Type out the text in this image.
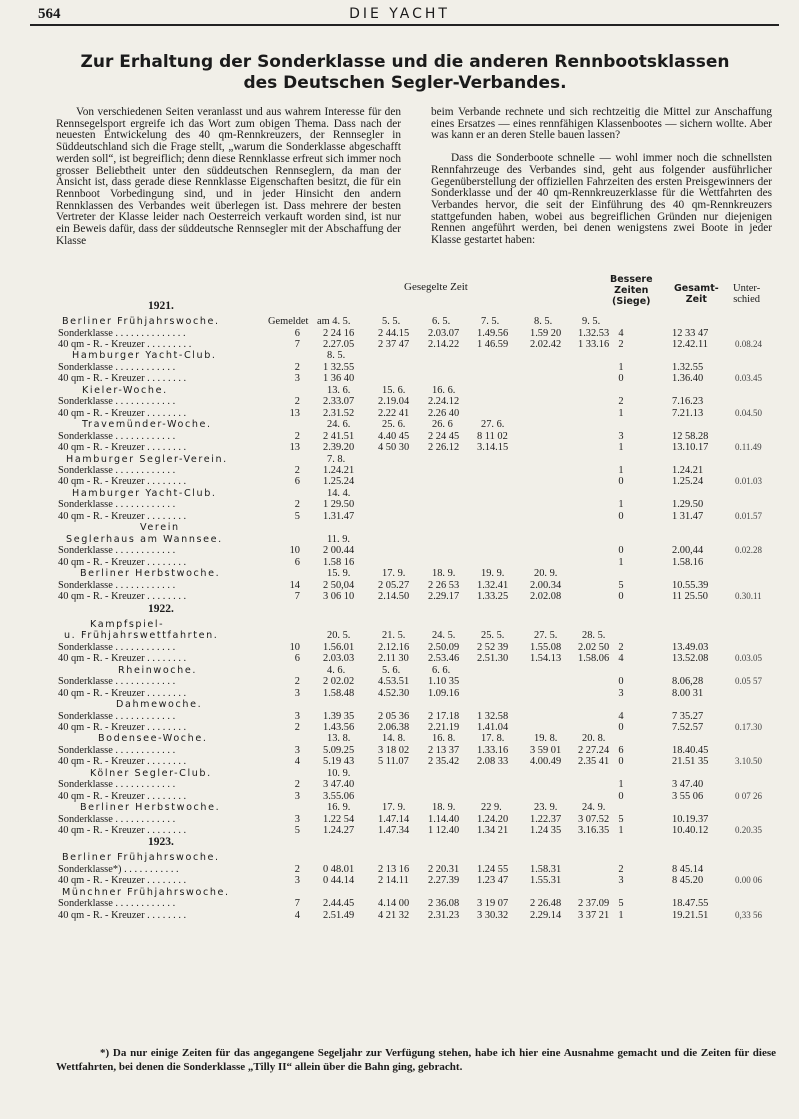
564	DIE YACHT
Zur Erhaltung der Sonderklasse und die anderen Rennbootsklassen
des Deutschen Segler-Verbandes.

Von verschiedenen Seiten veranlasst und aus wahrem Interesse für den Rennsegelsport ergreife ich das Wort zum obigen Thema. Dass nach der neuesten Entwickelung des 40 qm-Rennkreuzers, der Rennsegler in Süddeutschland sich die Frage stellt, „warum die Sonderklasse abgeschafft werden soll“, ist begreiflich; denn diese Rennklasse erfreut sich immer noch grosser Beliebtheit unter den süddeutschen Rennseglern, da man der Ansicht ist, dass gerade diese Rennklasse Eigenschaften besitzt, die für ein Rennboot Vorbedingung sind, und in jeder Hinsicht den andern Rennklassen des Verbandes weit überlegen ist. Dass mehrere der besten Vertreter der Klasse leider nach Oesterreich verkauft worden sind, ist nur ein Beweis dafür, dass der süddeutsche Rennsegler mit der Abschaffung der Klasse

beim Verbande rechnete und sich rechtzeitig die Mittel zur Anschaffung eines Ersatzes — eines rennfähigen Klassenbootes — sichern wollte. Aber was kann er an deren Stelle bauen lassen?

Dass die Sonderboote schnelle — wohl immer noch die schnellsten Rennfahrzeuge des Verbandes sind, geht aus folgender ausführlicher Gegenüberstellung der offiziellen Fahrzeiten des ersten Preisgewinners der Sonderklasse und der 40 qm-Rennkreuzerklasse für die Wettfahrten des Verbandes hervor, die seit der Einführung des 40 qm-Rennkreuzers stattgefunden haben, wobei aus begreiflichen Gründen nur diejenigen Rennen angeführt werden, bei denen wenigstens zwei Boote in jeder Klasse gestartet haben:

Gesegelte Zeit
Bessere
Zeiten
(Siege)
Gesamt-
Zeit
Unter-
schied
1921.
Berliner Frühjahrswoche.	Gemeldet am 4. 5.	5. 5.	6. 5.	7. 5.	8. 5.	9. 5.
Sonderklasse . . . . . . . . . . . . . .	6 2 24 16 2 44.15 2.03.07 1.49.56 1.59 20 1.32.53 4	12 33 47
40 qm - R. - Kreuzer . . . . . . . . .	7 2.27.05 2 37 47 2.14.22 1 46.59 2.02.42 1 33.16 2	12.42.11	0.08.24
Hamburger Yacht-Club.	8. 5.
Sonderklasse . . . . . . . . . . . .	2 1 32.55	1	1.32.55
40 qm - R. - Kreuzer . . . . . . . .	3 1 36 40	0	1.36.40	0.03.45
Kieler-Woche.	13. 6.	15. 6.	16. 6.
Sonderklasse . . . . . . . . . . . .	2 2.33.07 2.19.04 2.24.12	2	7.16.23
40 qm - R. - Kreuzer . . . . . . . .	13 2.31.52 2.22 41 2.26 40	1	7.21.13	0.04.50
Travemünder-Woche.	24. 6.	25. 6.	26. 6	27. 6.
Sonderklasse . . . . . . . . . . . .	2 2 41.51 4.40 45 2 24 45 8 11 02	3	12 58.28
40 qm - R. - Kreuzer . . . . . . . .	13 2.39.20 4 50 30 2 26.12 3.14.15	1	13.10.17	0.11.49
Hamburger Segler-Verein.	7. 8.
Sonderklasse . . . . . . . . . . . .	2 1.24.21	1	1.24.21
40 qm - R. - Kreuzer . . . . . . . .	6 1.25.24	0	1.25.24	0.01.03
Hamburger Yacht-Club.	14. 4.
Sonderklasse . . . . . . . . . . . .	2 1 29.50	1	1.29.50
40 qm - R. - Kreuzer . . . . . . . .	5 1.31.47	0	1 31.47	0.01.57
Verein
Seglerhaus am Wannsee.	11. 9.
Sonderklasse . . . . . . . . . . . .	10 2 00.44	0	2.00,44	0.02.28
40 qm - R. - Kreuzer . . . . . . . .	6 1.58 16	1	1.58.16
Berliner Herbstwoche.	15. 9.	17. 9.	18. 9. 19. 9.	20. 9.
Sonderklasse . . . . . . . . . . . .	14 2 50,04 2 05.27 2 26 53 1.32.41 2.00.34	5	10.55.39
40 qm - R. - Kreuzer . . . . . . . .	7 3 06 10 2.14.50 2.29.17 1.33.25 2.02.08	0	11 25.50	0.30.11
1922.
Kampfspiel-
u. Frühjahrswettfahrten.	20. 5.	21. 5.	24. 5. 25. 5.	27. 5. 28. 5.
Sonderklasse . . . . . . . . . . . .	10 1.56.01 2.12.16 2.50.09 2 52 39 1.55.08 2.02 50 2	13.49.03
40 qm - R. - Kreuzer . . . . . . . .	6 2.03.03 2.11 30 2.53.46 2.51.30 1.54.13 1.58.06 4	13.52.08	0.03.05
Rheinwoche.	4. 6.	5. 6.	6. 6.
Sonderklasse . . . . . . . . . . . .	2 2 02.02 4.53.51 1.10 35	0	8.06,28	0.05 57
40 qm - R. - Kreuzer . . . . . . . .	3 1.58.48 4.52.30 1.09.16	3	8.00 31
Dahmewoche.
Sonderklasse . . . . . . . . . . . .	3 1.39 35 2 05 36 2 17.18 1 32.58	4	7 35.27
40 qm - R. - Kreuzer . . . . . . . .	2 1.43.56 2.06.38 2.21.19 1.41.04	0	7.52.57	0.17.30
Bodensee-Woche.	13. 8.	14. 8.	16. 8. 17. 8.	19. 8. 20. 8.
Sonderklasse . . . . . . . . . . . .	3 5.09.25 3 18 02 2 13 37 1.33.16 3 59 01 2 27.24 6	18.40.45
40 qm - R. - Kreuzer . . . . . . . .	4 5.19 43 5 11.07 2 35.42 2.08 33 4.00.49 2.35 41 0	21.51 35	3.10.50
Kölner Segler-Club.	10. 9.
Sonderklasse . . . . . . . . . . . .	2 3 47.40	1	3 47.40
40 qm - R. - Kreuzer . . . . . . . .	3 3.55.06	0	3 55 06	0 07 26
Berliner Herbstwoche.	16. 9.	17. 9.	18. 9. 22 9.	23. 9. 24. 9.
Sonderklasse . . . . . . . . . . . .	3 1.22 54 1.47.14 1.14.40 1.24.20 1.22.37 3 07.52 5	10.19.37
40 qm - R. - Kreuzer . . . . . . . .	5 1.24.27 1.47.34 1 12.40 1.34 21 1.24 35 3.16.35 1	10.40.12	0.20.35
1923.
Berliner Frühjahrswoche.
Sonderklasse*) . . . . . . . . . . .	2 0 48.01 2 13 16 2 20.31 1.24 55 1.58.31	2	8 45.14
40 qm - R. - Kreuzer . . . . . . . .	3 0 44.14 2 14.11 2.27.39 1.23 47 1.55.31	3	8 45.20	0.00 06
Münchner Frühjahrswoche.
Sonderklasse . . . . . . . . . . . .	7 2.44.45 4.14 00 2 36.08 3 19 07 2 26.48 2 37.09 5	18.47.55
40 qm - R. - Kreuzer . . . . . . . .	4 2.51.49 4 21 32 2.31.23 3 30.32 2.29.14 3 37 21 1	19.21.51	0,33 56
*) Da nur einige Zeiten für das angegangene Segeljahr zur Verfügung stehen, habe ich hier eine Ausnahme gemacht und die Zeiten für diese Wettfahrten, bei denen die Sonderklasse „Tilly II“ allein über die Bahn ging, gebracht.
